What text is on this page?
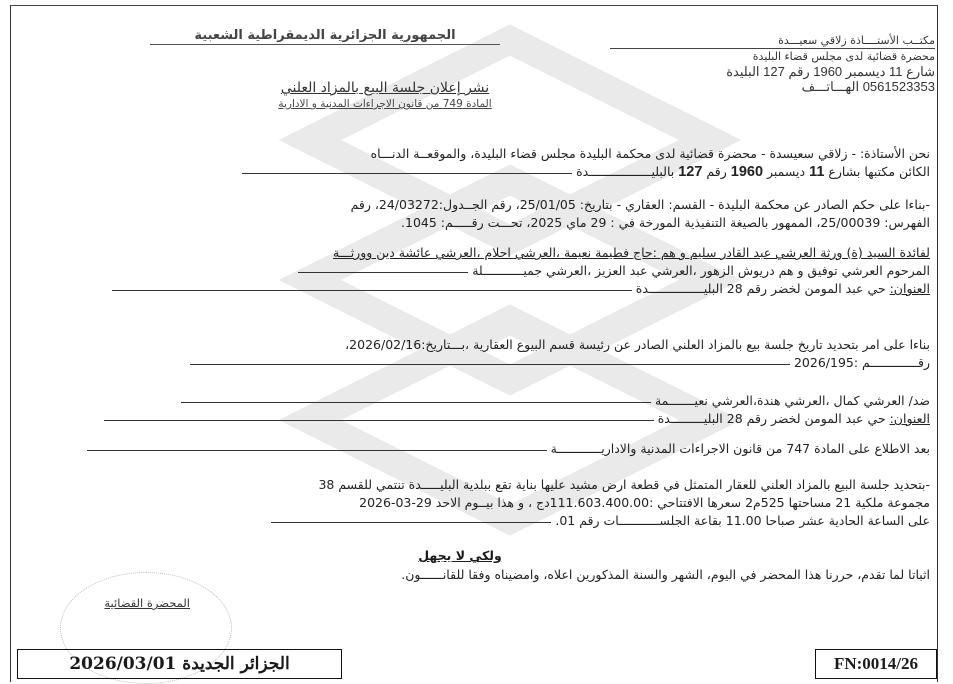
الجمهورية الجزائرية الديمقراطية الشعبية	مكتــب الأستــــاذة زلاقي سعيـــدة
محضرة قضائية لدى مجلس قضاء البليدة
شارع 11 ديسمبر 1960 رقم 127 البليدة
0561523353 الهـــاتـــف
نشر إعلان جلسة البيع بالمزاد العلني
المادة 749 من قانون الاجراءات المدنية و الادارية
نحن الأستاذة: - زلاقي سعيسدة - محضرة قضائية لدى محكمة البليدة مجلس قضاء البليدة، والموقعــة الدنـــاه
الكائن مكتبها بشارع 11 ديسمبر 1960 رقم 127 بالبليـــــــــــــــــدة
-بناءا على حكم الصادر عن محكمة البليدة - القسم: العقاري - بتاريخ: 25/01/05، رقم الجــدول:24/03272، رقم
الفهرس: 25/00039، الممهور بالصيغة التنفيذية المورخة في : 29 ماي 2025، تحـــت رقـــــم: 1045.
لفائدة السيد (ة) ورثة العرشي عبد القادر سليم و هم :حاج فطيمة نعيمة ،العرشي احلام ،العرشي عائشة دين وورثـــة
المرحوم العرشي توفيق و هم دريوش الزهور ،العرشي عبد العزيز ،العرشي جميـــــــــــلة
العنوان: حي عبد المومن لخضر رقم 28 البليـــــــــــــــدة
بناءا على امر بتحديد تاريخ جلسة بيع بالمزاد العلني الصادر عن رئيسة قسم البيوع العقارية ،بـــتاريخ:2026/02/16،
رقـــــــــــــم :2026/195
ضد/ العرشي كمال ،العرشي هندة،العرشي نعيـــــــمة
العنوان: حي عبد المومن لخضر رقم 28 البليـــــــــدة
بعد الاطلاع على المادة 747 من قانون الاجراءات المدنية والاداريــــــــــــة
-بتحديد جلسة البيع بالمزاد العلني للعقار المتمثل في قطعة ارض مشيد عليها بناية تقع ببلدية البليـــــدة تنتمي للقسم 38
مجموعة ملكية 21 مساحتها 525م2 سعرها الافتتاحي :111.603.400.00دج ، و هذا بيــوم الاحد 29-03-2026
على الساعة الحادية عشر صباحا 11.00 بقاعة الجلســـــــــــات رقم 01.
ولكي لا يجهل
اثباتا لما تقدم، حررنا هذا المحضر في اليوم، الشهر والسنة المذكورين اعلاه، وامضيناه وفقا للقانــــــون.
المحضرة القضائية
الجزائر الجديدة 2026/03/01	FN:0014/26
